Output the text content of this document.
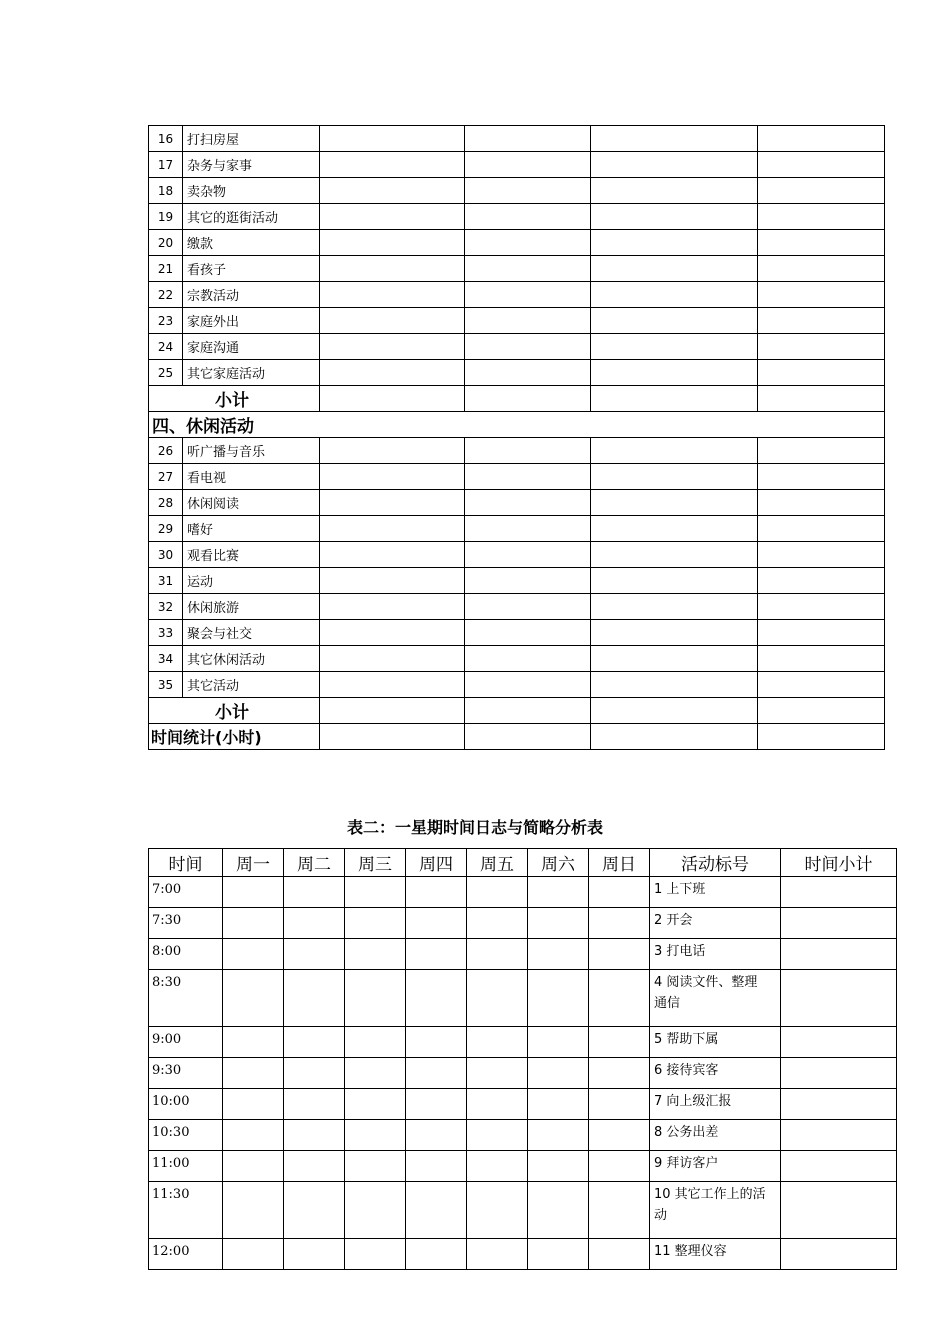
16	打扫房屋				
17	杂务与家事				
18	卖杂物				
19	其它的逛街活动				
20	缴款				
21	看孩子				
22	宗教活动				
23	家庭外出				
24	家庭沟通				
25	其它家庭活动				
小计					
四、休闲活动					
26	听广播与音乐				
27	看电视				
28	休闲阅读				
29	嗜好				
30	观看比赛				
31	运动				
32	休闲旅游				
33	聚会与社交				
34	其它休闲活动				
35	其它活动				
小计					
时间统计(小时)					
表二：一星期时间日志与简略分析表
时间	周一	周二	周三	周四	周五	周六	周日	活动标号	时间小计
7:00								1 上下班	

7:30								2 开会	

8:00								3 打电话	

8:30								4 阅读文件、整理
通信	

9:00								5 帮助下属	

9:30								6 接待宾客	

10:00								7 向上级汇报	

10:30								8 公务出差	

11:00								9 拜访客户	

11:30								10 其它工作上的活
动	

12:00								11 整理仪容	
